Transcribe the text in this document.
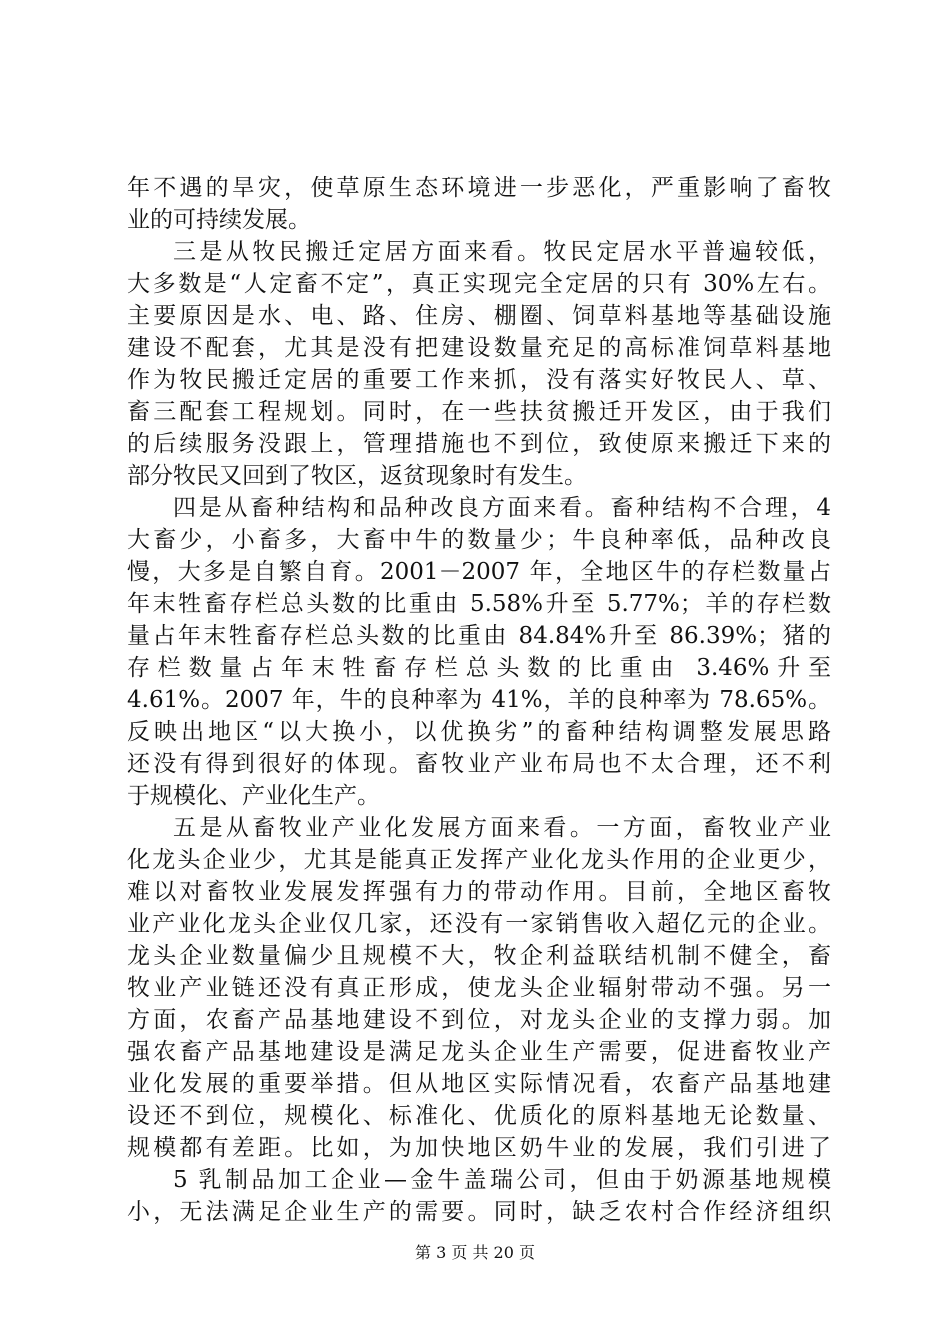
年不遇的旱灾，使草原生态环境进一步恶化，严重影响了畜牧
业的可持续发展。
三是从牧民搬迁定居方面来看。牧民定居水平普遍较低，
大多数是“人定畜不定”，真正实现完全定居的只有 30%左右。
主要原因是水、电、路、住房、棚圈、饲草料基地等基础设施
建设不配套，尤其是没有把建设数量充足的高标准饲草料基地
作为牧民搬迁定居的重要工作来抓，没有落实好牧民人、草、
畜三配套工程规划。同时，在一些扶贫搬迁开发区，由于我们
的后续服务没跟上，管理措施也不到位，致使原来搬迁下来的
部分牧民又回到了牧区，返贫现象时有发生。
四是从畜种结构和品种改良方面来看。畜种结构不合理，4
大畜少，小畜多，大畜中牛的数量少；牛良种率低，品种改良
慢，大多是自繁自育。2001－2007 年，全地区牛的存栏数量占
年末牲畜存栏总头数的比重由 5.58%升至 5.77%；羊的存栏数
量占年末牲畜存栏总头数的比重由 84.84%升至 86.39%；猪的
存栏数量占年末牲畜存栏总头数的比重由 3.46%升至
4.61%。2007 年，牛的良种率为 41%，羊的良种率为 78.65%。
反映出地区“以大换小，以优换劣”的畜种结构调整发展思路
还没有得到很好的体现。畜牧业产业布局也不太合理，还不利
于规模化、产业化生产。
五是从畜牧业产业化发展方面来看。一方面，畜牧业产业
化龙头企业少，尤其是能真正发挥产业化龙头作用的企业更少，
难以对畜牧业发展发挥强有力的带动作用。目前，全地区畜牧
业产业化龙头企业仅几家，还没有一家销售收入超亿元的企业。
龙头企业数量偏少且规模不大，牧企利益联结机制不健全，畜
牧业产业链还没有真正形成，使龙头企业辐射带动不强。另一
方面，农畜产品基地建设不到位，对龙头企业的支撑力弱。加
强农畜产品基地建设是满足龙头企业生产需要，促进畜牧业产
业化发展的重要举措。但从地区实际情况看，农畜产品基地建
设还不到位，规模化、标准化、优质化的原料基地无论数量、
规模都有差距。比如，为加快地区奶牛业的发展，我们引进了
5 乳制品加工企业—金牛盖瑞公司，但由于奶源基地规模
小，无法满足企业生产的需要。同时，缺乏农村合作经济组织
第 3 页 共 20 页
